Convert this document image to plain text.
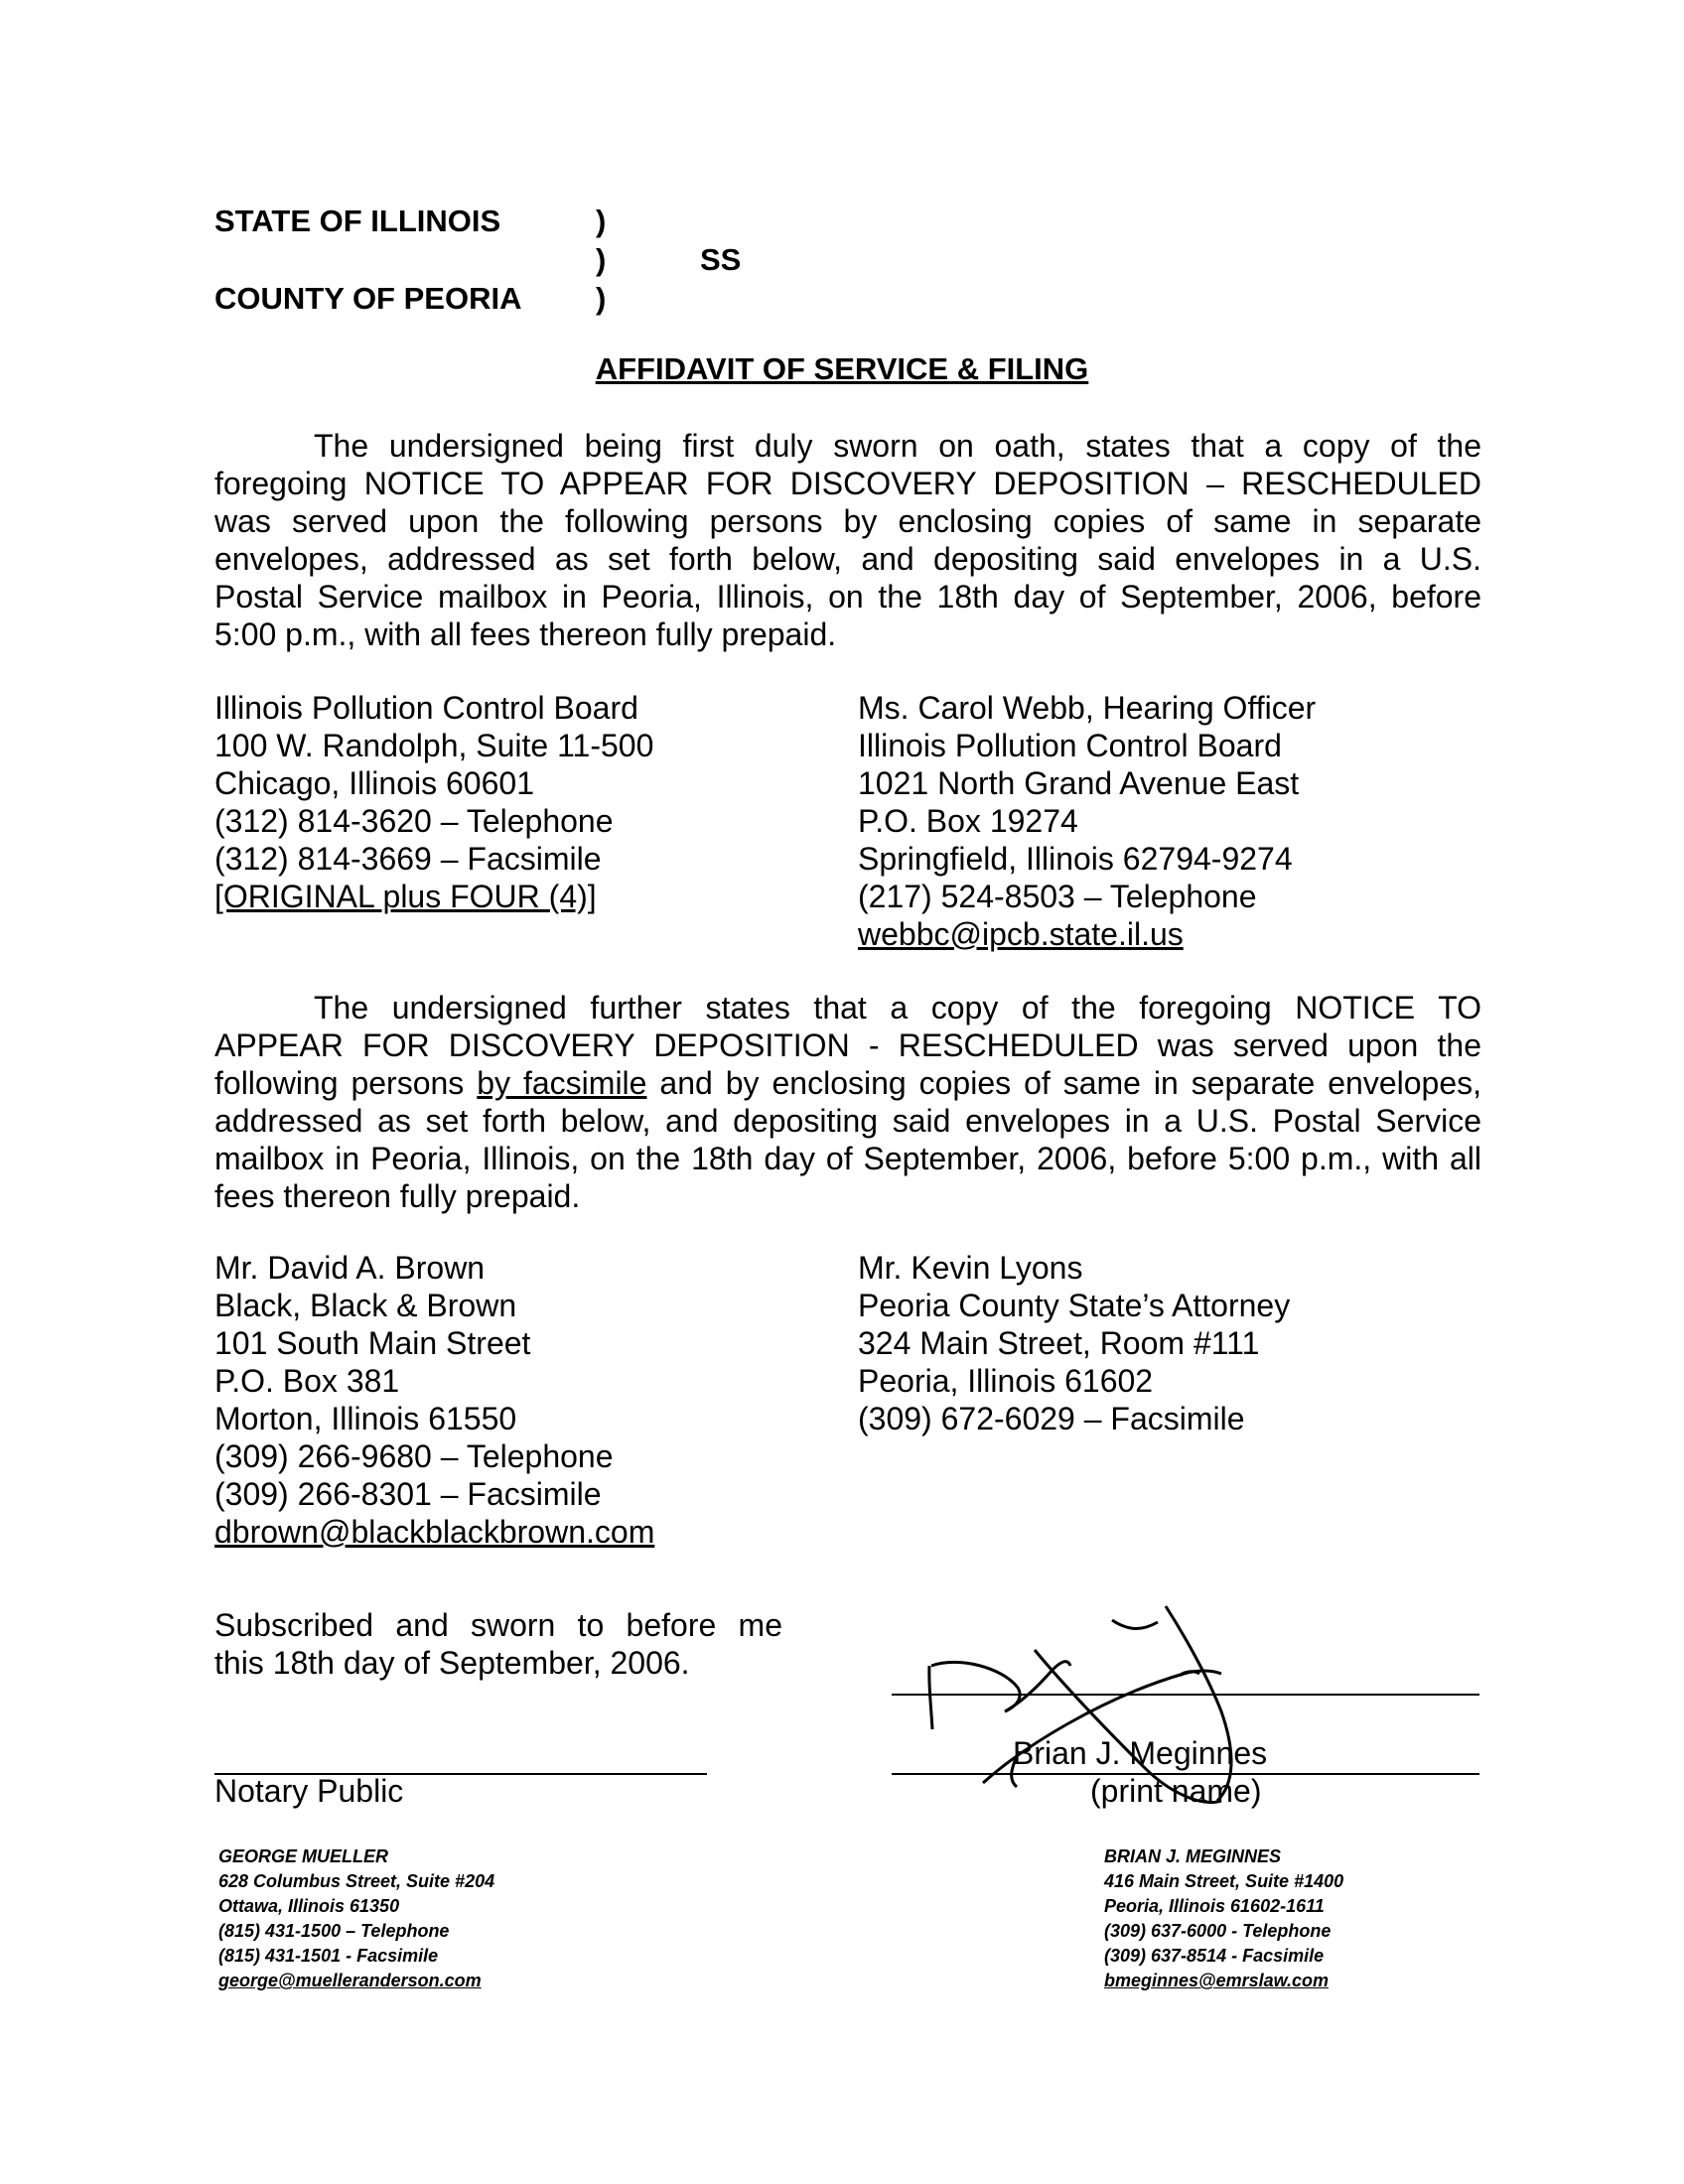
STATE OF ILLINOIS	)
)	SS
COUNTY OF PEORIA )
AFFIDAVIT OF SERVICE & FILING
The undersigned being first duly sworn on oath, states that a copy of the
foregoing NOTICE TO APPEAR FOR DISCOVERY DEPOSITION – RESCHEDULED
was served upon the following persons by enclosing copies of same in separate
envelopes, addressed as set forth below, and depositing said envelopes in a U.S.
Postal Service mailbox in Peoria, Illinois, on the 18th day of September, 2006, before
5:00 p.m., with all fees thereon fully prepaid.
Illinois Pollution Control Board
100 W. Randolph, Suite 11-500
Chicago, Illinois 60601
(312) 814-3620 – Telephone
(312) 814-3669 – Facsimile
[ORIGINAL plus FOUR (4)]
Ms. Carol Webb, Hearing Officer
Illinois Pollution Control Board
1021 North Grand Avenue East
P.O. Box 19274
Springfield, Illinois 62794-9274
(217) 524-8503 – Telephone
webbc@ipcb.state.il.us
The undersigned further states that a copy of the foregoing NOTICE TO
APPEAR FOR DISCOVERY DEPOSITION - RESCHEDULED was served upon the
following persons by facsimile and by enclosing copies of same in separate envelopes,
addressed as set forth below, and depositing said envelopes in a U.S. Postal Service
mailbox in Peoria, Illinois, on the 18th day of September, 2006, before 5:00 p.m., with all
fees thereon fully prepaid.
Mr. David A. Brown
Black, Black & Brown
101 South Main Street
P.O. Box 381
Morton, Illinois 61550
(309) 266-9680 – Telephone
(309) 266-8301 – Facsimile
dbrown@blackblackbrown.com
Mr. Kevin Lyons
Peoria County State’s Attorney
324 Main Street, Room #111
Peoria, Illinois 61602
(309) 672-6029 – Facsimile
Subscribed and sworn to before me
this 18th day of September, 2006.
Notary Public
Brian J. Meginnes
(print name)
GEORGE MUELLER
628 Columbus Street, Suite #204
Ottawa, Illinois 61350
(815) 431-1500 – Telephone
(815) 431-1501 - Facsimile
george@muelleranderson.com
BRIAN J. MEGINNES
416 Main Street, Suite #1400
Peoria, Illinois 61602-1611
(309) 637-6000 - Telephone
(309) 637-8514 - Facsimile
bmeginnes@emrslaw.com
